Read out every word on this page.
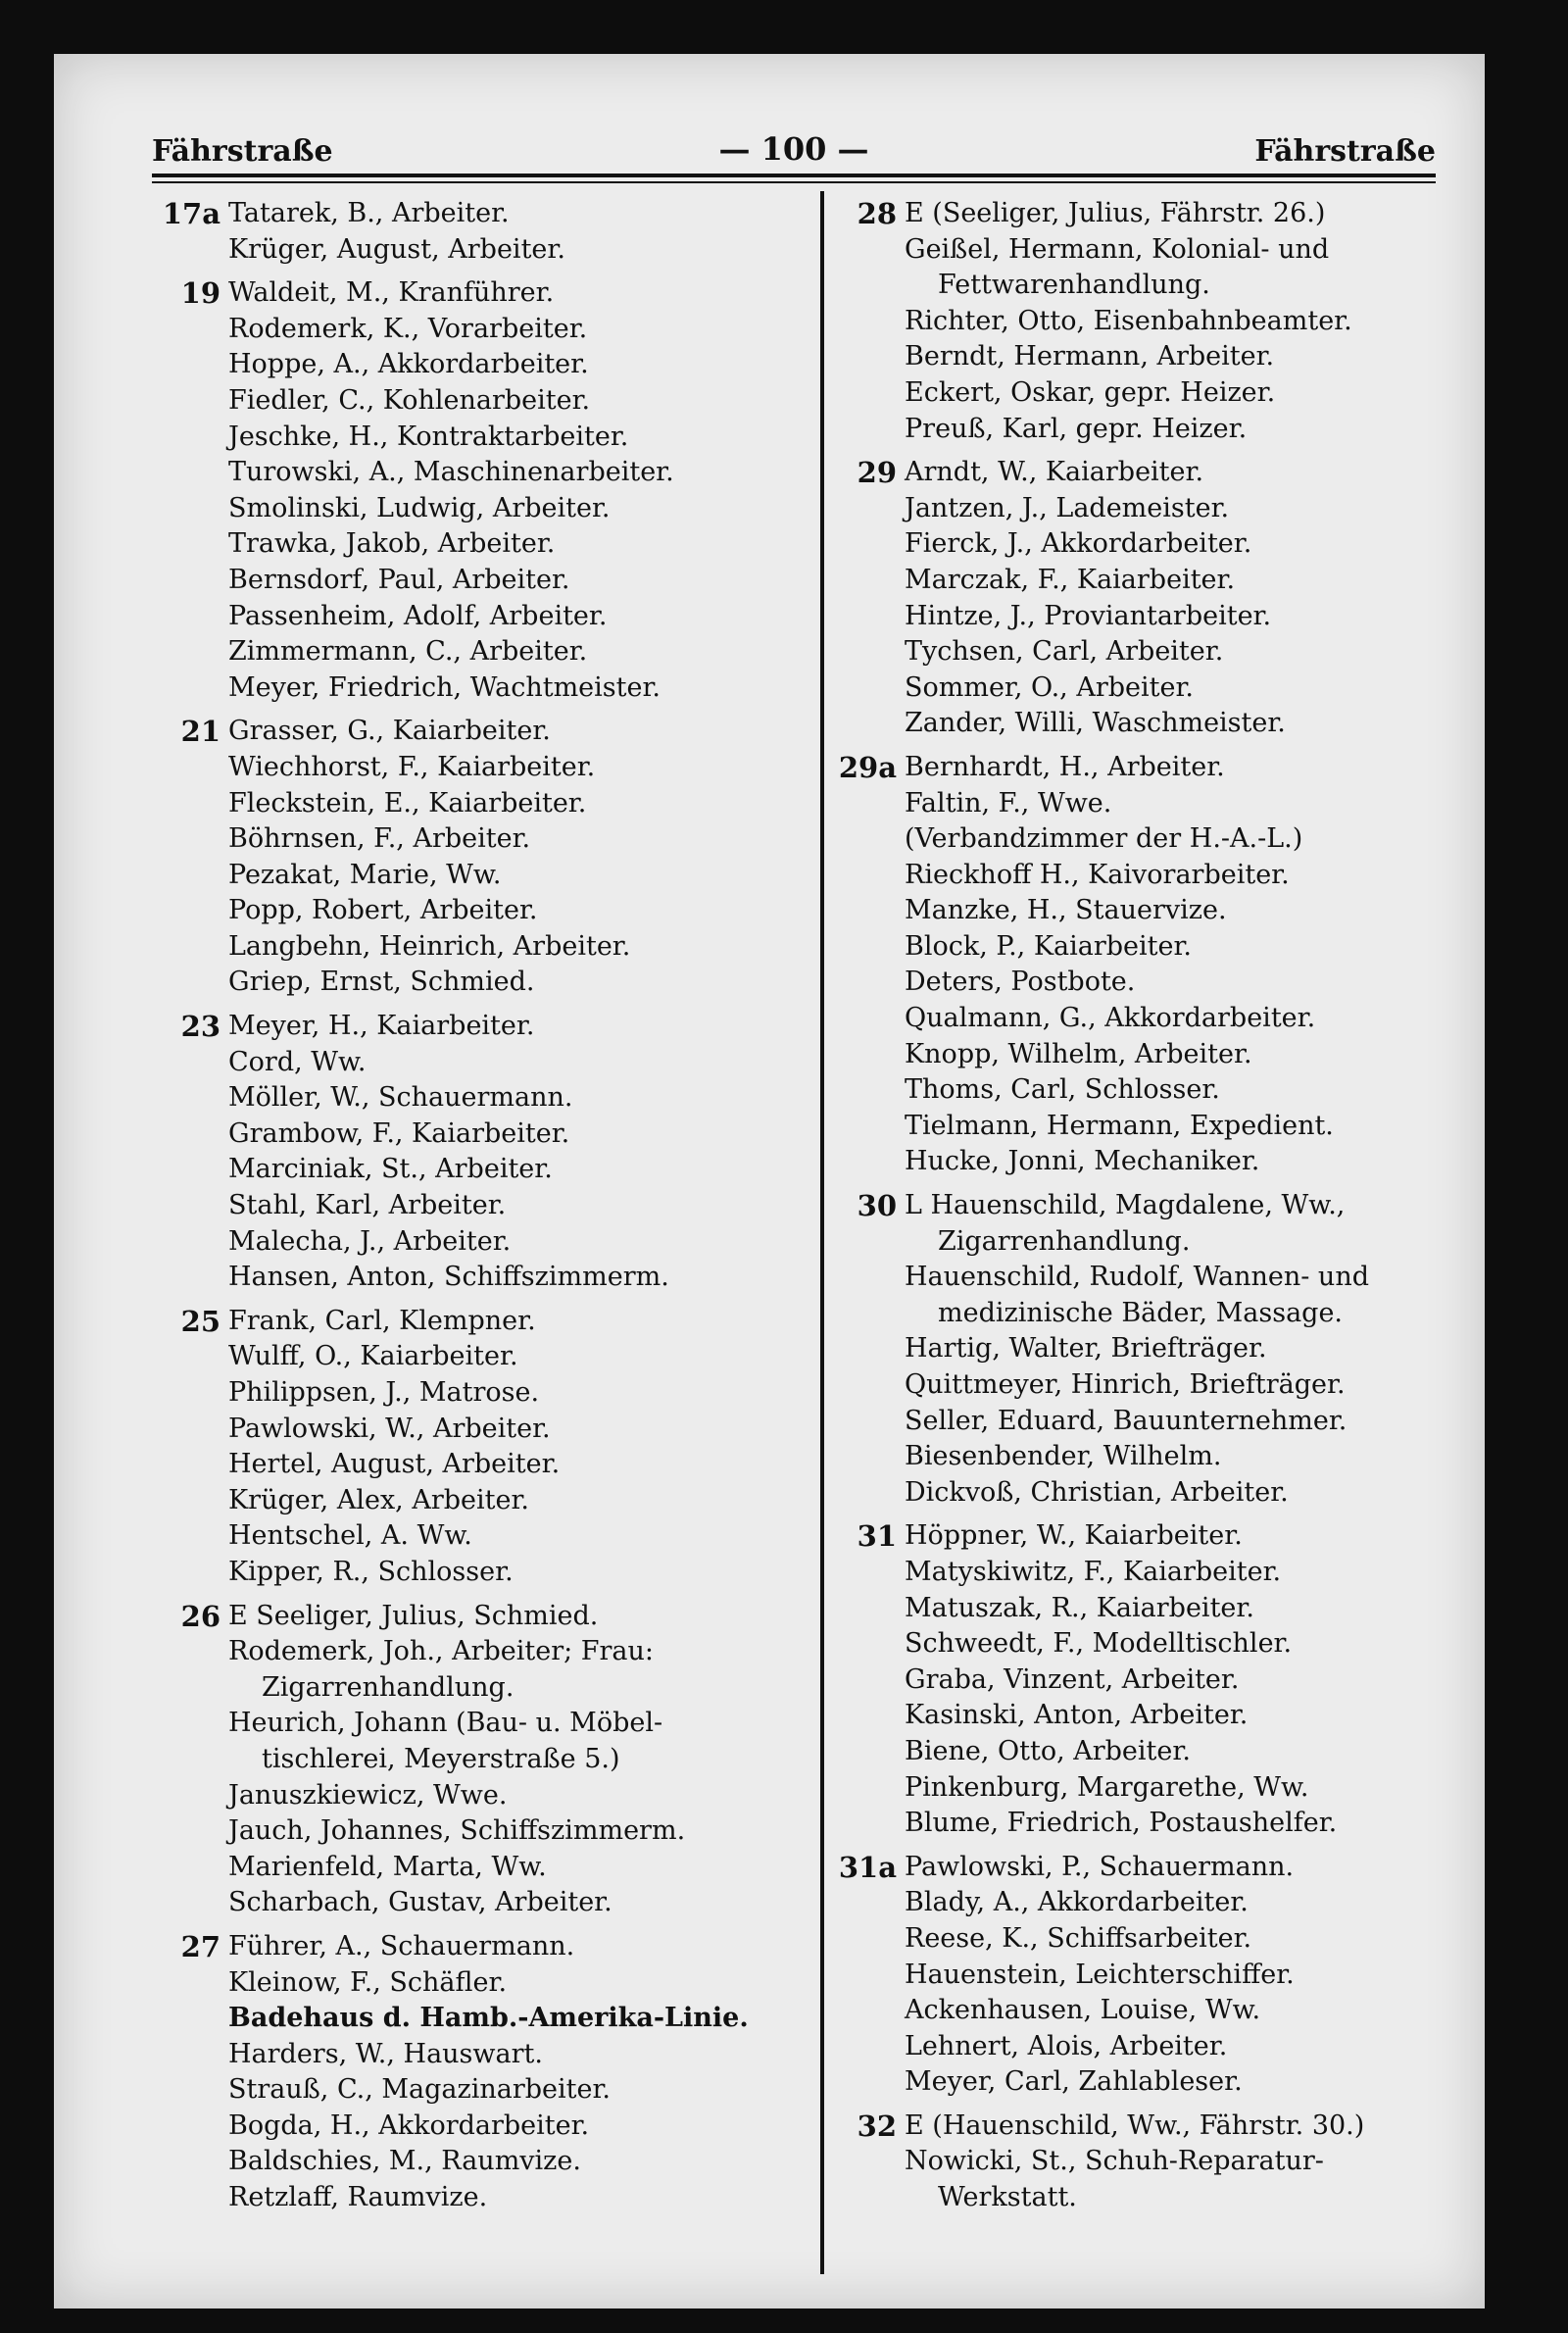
Fährstraße	— 100 —	Fährstraße
17a Tatarek, B., Arbeiter.
Krüger, August, Arbeiter.
19 Waldeit, M., Kranführer.
Rodemerk, K., Vorarbeiter.
Hoppe, A., Akkordarbeiter.
Fiedler, C., Kohlenarbeiter.
Jeschke, H., Kontraktarbeiter.
Turowski, A., Maschinenarbeiter.
Smolinski, Ludwig, Arbeiter.
Trawka, Jakob, Arbeiter.
Bernsdorf, Paul, Arbeiter.
Passenheim, Adolf, Arbeiter.
Zimmermann, C., Arbeiter.
Meyer, Friedrich, Wachtmeister.
21 Grasser, G., Kaiarbeiter.
Wiechhorst, F., Kaiarbeiter.
Fleckstein, E., Kaiarbeiter.
Böhrnsen, F., Arbeiter.
Pezakat, Marie, Ww.
Popp, Robert, Arbeiter.
Langbehn, Heinrich, Arbeiter.
Griep, Ernst, Schmied.
23 Meyer, H., Kaiarbeiter.
Cord, Ww.
Möller, W., Schauermann.
Grambow, F., Kaiarbeiter.
Marciniak, St., Arbeiter.
Stahl, Karl, Arbeiter.
Malecha, J., Arbeiter.
Hansen, Anton, Schiffszimmerm.
25 Frank, Carl, Klempner.
Wulff, O., Kaiarbeiter.
Philippsen, J., Matrose.
Pawlowski, W., Arbeiter.
Hertel, August, Arbeiter.
Krüger, Alex, Arbeiter.
Hentschel, A. Ww.
Kipper, R., Schlosser.
26 E Seeliger, Julius, Schmied.
Rodemerk, Joh., Arbeiter; Frau:
Zigarrenhandlung.
Heurich, Johann (Bau- u. Möbel-
tischlerei, Meyerstraße 5.)
Januszkiewicz, Wwe.
Jauch, Johannes, Schiffszimmerm.
Marienfeld, Marta, Ww.
Scharbach, Gustav, Arbeiter.
27 Führer, A., Schauermann.
Kleinow, F., Schäfler.
Badehaus d. Hamb.-Amerika-Linie.
Harders, W., Hauswart.
Strauß, C., Magazinarbeiter.
Bogda, H., Akkordarbeiter.
Baldschies, M., Raumvize.
Retzlaff, Raumvize.
28 E (Seeliger, Julius, Fährstr. 26.)
Geißel, Hermann, Kolonial- und
Fettwarenhandlung.
Richter, Otto, Eisenbahnbeamter.
Berndt, Hermann, Arbeiter.
Eckert, Oskar, gepr. Heizer.
Preuß, Karl, gepr. Heizer.
29 Arndt, W., Kaiarbeiter.
Jantzen, J., Lademeister.
Fierck, J., Akkordarbeiter.
Marczak, F., Kaiarbeiter.
Hintze, J., Proviantarbeiter.
Tychsen, Carl, Arbeiter.
Sommer, O., Arbeiter.
Zander, Willi, Waschmeister.
29a Bernhardt, H., Arbeiter.
Faltin, F., Wwe.
(Verbandzimmer der H.-A.-L.)
Rieckhoff H., Kaivorarbeiter.
Manzke, H., Stauervize.
Block, P., Kaiarbeiter.
Deters, Postbote.
Qualmann, G., Akkordarbeiter.
Knopp, Wilhelm, Arbeiter.
Thoms, Carl, Schlosser.
Tielmann, Hermann, Expedient.
Hucke, Jonni, Mechaniker.
30 L Hauenschild, Magdalene, Ww.,
Zigarrenhandlung.
Hauenschild, Rudolf, Wannen- und
medizinische Bäder, Massage.
Hartig, Walter, Briefträger.
Quittmeyer, Hinrich, Briefträger.
Seller, Eduard, Bauunternehmer.
Biesenbender, Wilhelm.
Dickvoß, Christian, Arbeiter.
31 Höppner, W., Kaiarbeiter.
Matyskiwitz, F., Kaiarbeiter.
Matuszak, R., Kaiarbeiter.
Schweedt, F., Modelltischler.
Graba, Vinzent, Arbeiter.
Kasinski, Anton, Arbeiter.
Biene, Otto, Arbeiter.
Pinkenburg, Margarethe, Ww.
Blume, Friedrich, Postaushelfer.
31a Pawlowski, P., Schauermann.
Blady, A., Akkordarbeiter.
Reese, K., Schiffsarbeiter.
Hauenstein, Leichterschiffer.
Ackenhausen, Louise, Ww.
Lehnert, Alois, Arbeiter.
Meyer, Carl, Zahlableser.
32 E (Hauenschild, Ww., Fährstr. 30.)
Nowicki, St., Schuh-Reparatur-
Werkstatt.
